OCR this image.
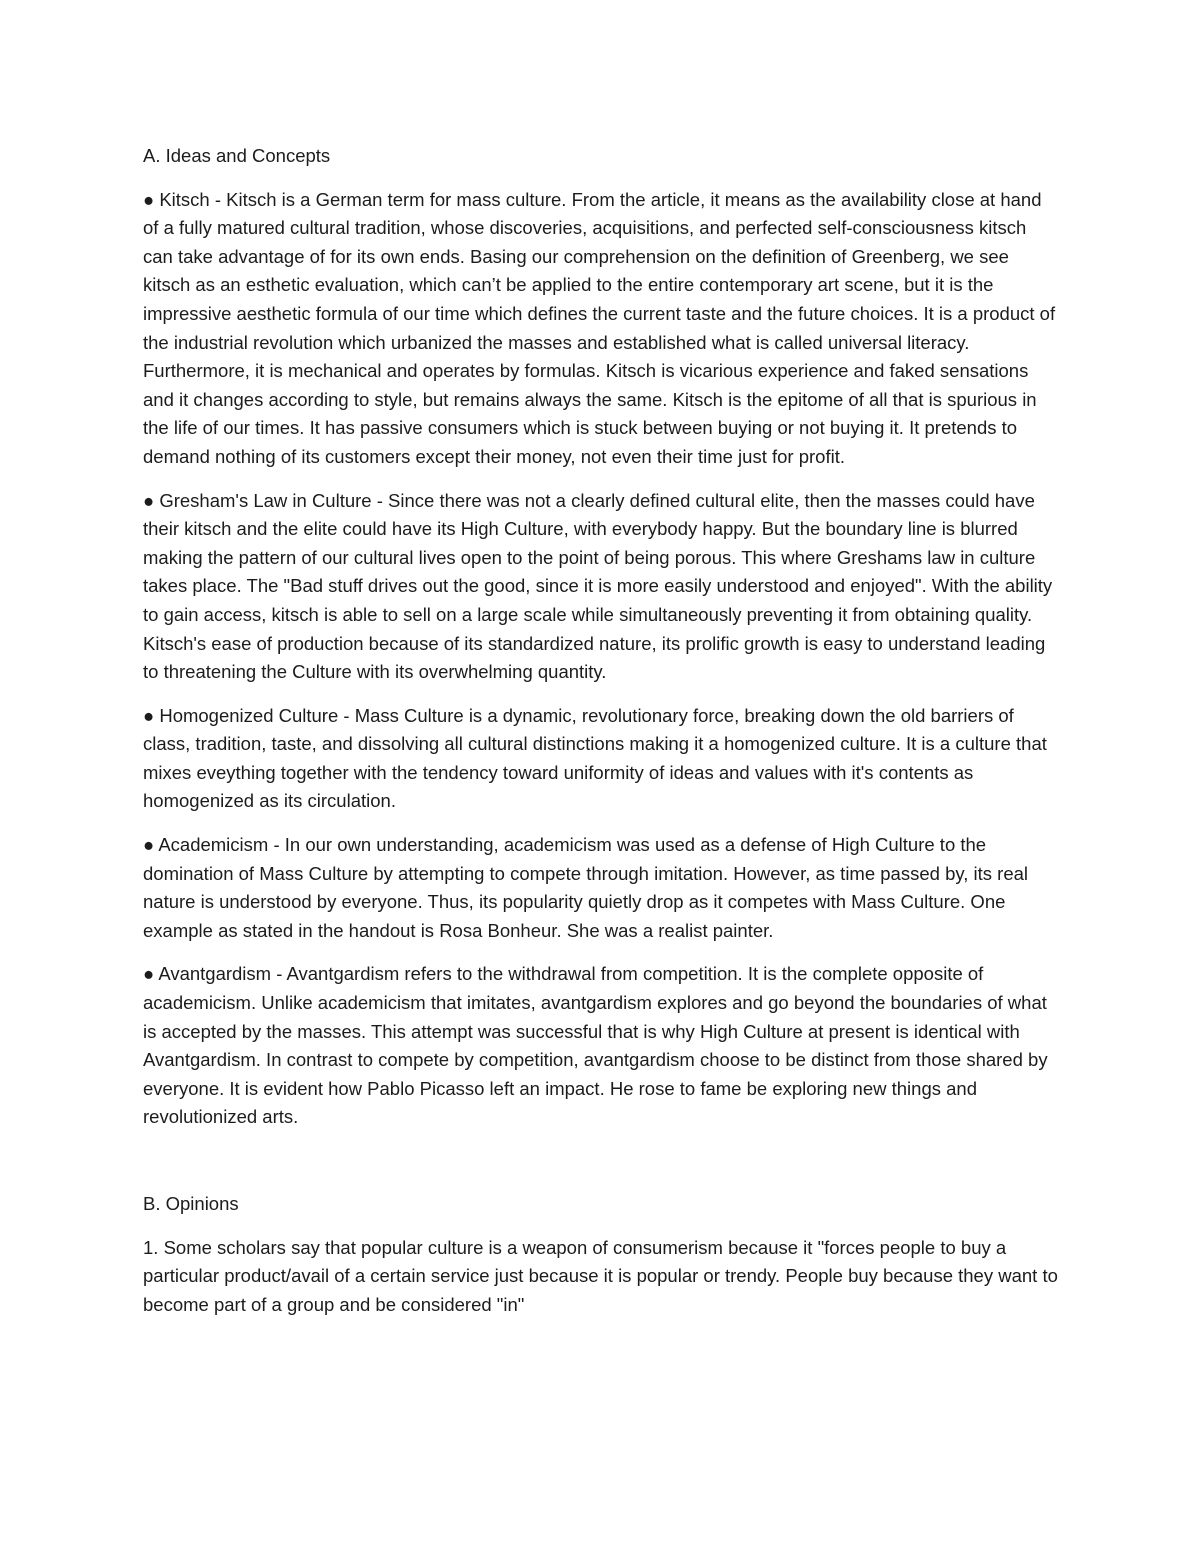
A. Ideas and Concepts

● Kitsch - Kitsch is a German term for mass culture. From the article, it means as the availability close at hand of a fully matured cultural tradition, whose discoveries, acquisitions, and perfected self-consciousness kitsch can take advantage of for its own ends. Basing our comprehension on the definition of Greenberg, we see kitsch as an esthetic evaluation, which can’t be applied to the entire contemporary art scene, but it is the impressive aesthetic formula of our time which defines the current taste and the future choices. It is a product of the industrial revolution which urbanized the masses and established what is called universal literacy. Furthermore, it is mechanical and operates by formulas. Kitsch is vicarious experience and faked sensations and it changes according to style, but remains always the same. Kitsch is the epitome of all that is spurious in the life of our times. It has passive consumers which is stuck between buying or not buying it. It pretends to demand nothing of its customers except their money, not even their time just for profit.

● Gresham's Law in Culture - Since there was not a clearly defined cultural elite, then the masses could have their kitsch and the elite could have its High Culture, with everybody happy. But the boundary line is blurred making the pattern of our cultural lives open to the point of being porous. This where Greshams law in culture takes place. The "Bad stuff drives out the good, since it is more easily understood and enjoyed". With the ability to gain access, kitsch is able to sell on a large scale while simultaneously preventing it from obtaining quality. Kitsch's ease of production because of its standardized nature, its prolific growth is easy to understand leading to threatening the Culture with its overwhelming quantity.

● Homogenized Culture - Mass Culture is a dynamic, revolutionary force, breaking down the old barriers of class, tradition, taste, and dissolving all cultural distinctions making it a homogenized culture. It is a culture that mixes eveything together with the tendency toward uniformity of ideas and values with it's contents as homogenized as its circulation.

● Academicism - In our own understanding, academicism was used as a defense of High Culture to the domination of Mass Culture by attempting to compete through imitation. However, as time passed by, its real nature is understood by everyone. Thus, its popularity quietly drop as it competes with Mass Culture. One example as stated in the handout is Rosa Bonheur. She was a realist painter.

● Avantgardism - Avantgardism refers to the withdrawal from competition. It is the complete opposite of academicism. Unlike academicism that imitates, avantgardism explores and go beyond the boundaries of what is accepted by the masses. This attempt was successful that is why High Culture at present is identical with Avantgardism. In contrast to compete by competition, avantgardism choose to be distinct from those shared by everyone. It is evident how Pablo Picasso left an impact. He rose to fame be exploring new things and revolutionized arts.

B. Opinions

1. Some scholars say that popular culture is a weapon of consumerism because it "forces people to buy a particular product/avail of a certain service just because it is popular or trendy. People buy because they want to become part of a group and be considered "in"
